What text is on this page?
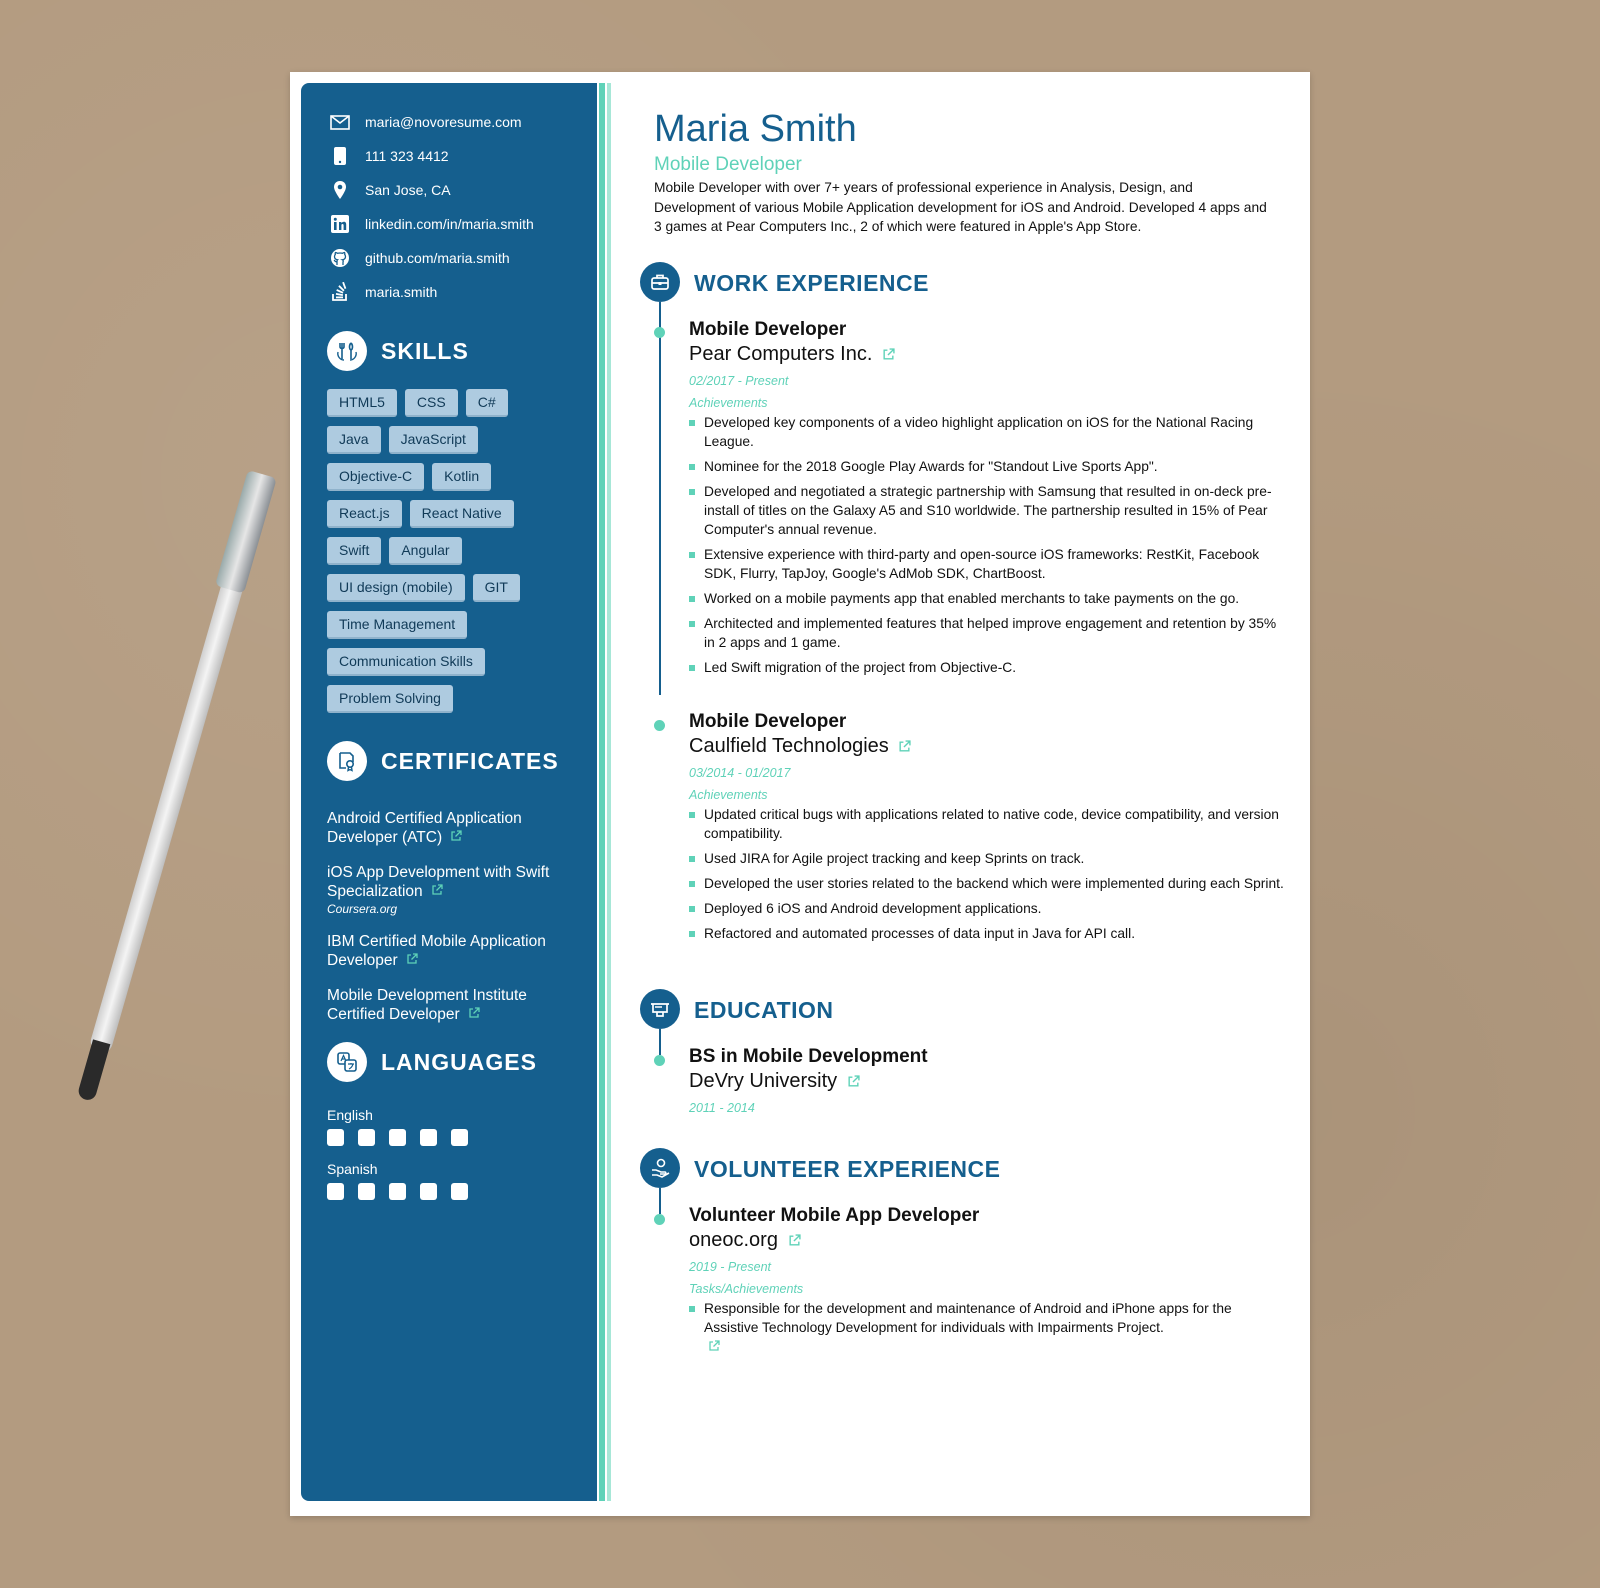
maria@novoresume.com
111 323 4412
San Jose, CA
linkedin.com/in/maria.smith
github.com/maria.smith
maria.smith
SKILLS
HTML5	CSS	C#
Java	JavaScript
Objective-C	Kotlin
React.js	React Native
Swift	Angular
UI design (mobile)	GIT
Time Management
Communication Skills
Problem Solving
CERTIFICATES
Android Certified Application Developer (ATC)
iOS App Development with Swift Specialization
Coursera.org
IBM Certified Mobile Application Developer
Mobile Development Institute Certified Developer
LANGUAGES
English
Spanish
Maria Smith
Mobile Developer
Mobile Developer with over 7+ years of professional experience in Analysis, Design, and Development of various Mobile Application development for iOS and Android. Developed 4 apps and 3 games at Pear Computers Inc., 2 of which were featured in Apple's App Store.
WORK EXPERIENCE
Mobile Developer
Pear Computers Inc.
02/2017 - Present
Achievements
Developed key components of a video highlight application on iOS for the National Racing League.
Nominee for the 2018 Google Play Awards for "Standout Live Sports App".
Developed and negotiated a strategic partnership with Samsung that resulted in on-deck pre-install of titles on the Galaxy A5 and S10 worldwide. The partnership resulted in 15% of Pear Computer's annual revenue.
Extensive experience with third-party and open-source iOS frameworks: RestKit, Facebook SDK, Flurry, TapJoy, Google's AdMob SDK, ChartBoost.
Worked on a mobile payments app that enabled merchants to take payments on the go.
Architected and implemented features that helped improve engagement and retention by 35% in 2 apps and 1 game.
Led Swift migration of the project from Objective-C.
Mobile Developer
Caulfield Technologies
03/2014 - 01/2017
Achievements
Updated critical bugs with applications related to native code, device compatibility, and version compatibility.
Used JIRA for Agile project tracking and keep Sprints on track.
Developed the user stories related to the backend which were implemented during each Sprint.
Deployed 6 iOS and Android development applications.
Refactored and automated processes of data input in Java for API call.
EDUCATION
BS in Mobile Development
DeVry University
2011 - 2014
VOLUNTEER EXPERIENCE
Volunteer Mobile App Developer
oneoc.org
2019 - Present
Tasks/Achievements
Responsible for the development and maintenance of Android and iPhone apps for the Assistive Technology Development for individuals with Impairments Project.
